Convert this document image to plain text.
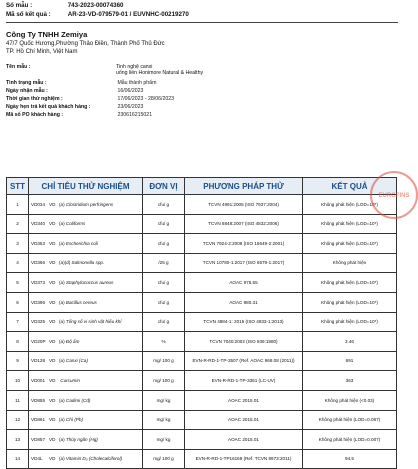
Số mẫu :	743-2023-00074360
Mã số kết quả :	AR-23-VD-079579-01 / EUVNHC-00219270
Công Ty TNHH Zemiya
47/7 Quốc Hương,Phường Thảo Điền, Thành Phố Thủ Đức
TP. Hồ Chí Minh, Việt Nam
Tên mẫu :	Tinh nghệ canxi
uống liền Honimore Natural & Healthy
Tình trạng mẫu :	Mẫu thành phẩm
Ngày nhận mẫu :	16/06/2023
Thời gian thử nghiệm :	17/06/2023 - 28/06/2023
Ngày hẹn trả kết quả khách hàng :	23/06/2023
Mã số PO khách hàng :	230616215021
STT	CHỈ TIÊU THỬ NGHIỆM	ĐƠN VỊ	PHƯƠNG PHÁP THỬ	KẾT QUẢ
1	VD034 VD (a) Clostridium perfringens	cfu/ g	TCVN 4991:2005 (ISO 7937:2004)	Không phát hiện (LOD=10*)
2	VD340 VD (a) Coliforms	cfu/ g	TCVN 6848:2007 (ISO 4832:2006)	Không phát hiện (LOD=10*)
3	VD353 VD (a) Escherichia coli	cfu/ g	TCVN 7924-2:2008 (ISO 16649-2:2001)	Không phát hiện (LOD=10*)
4	VD366 VD (a)(d) Salmonella spp.	/25 g	TCVN 10780-1:2017 (ISO 6579-1:2017)	Không phát hiện
5	VD373 VD (a) Staphylococcus aureus	cfu/ g	AOAC 975.55	Không phát hiện (LOD=10*)
6	VD396 VD (a) Bacillus cereus	cfu/ g	AOAC 980.31	Không phát hiện (LOD=10*)
7	VD325 VD (a) Tổng số vi sinh vật hiếu khí	cfu/ g	TCVN 4884-1: 2015 (ISO 4833-1:2013)	Không phát hiện (LOD=10*)
8	VD20P VD (a) Độ ẩm	%	TCVN 7040:2002 (ISO 939:1980)	3.46
9	VD128 VD (a) Canxi (Ca)	mg/ 100 g	EVN-R-RD-1-TP-3507 (Ref. AOAC 968.08 (2011))	691
10	VD001 VD Curcumin	mg/ 100 g	EVN-R-RD-1-TP-3361 (LC-UV)	363
11	VD855 VD (a) Cadimi (Cd)	mg/ kg	AOAC 2015.01	Không phát hiện (<0.03)
12	VD861 VD (a) Chì (Pb)	mg/ kg	AOAC 2015.01	Không phát hiện (LOD=0.067)
13	VD857 VD (a) Thủy ngân (Hg)	mg/ kg	AOAC 2015.01	Không phát hiện (LOD=0.007)
14	VD4L VD (a) Vitamin D₃ (Cholecalciferol)	mg/ 100 g	EVN-R-RD-1-TP16169 (Ref. TCVN 8973:2011)	94.5
EUROFINS
